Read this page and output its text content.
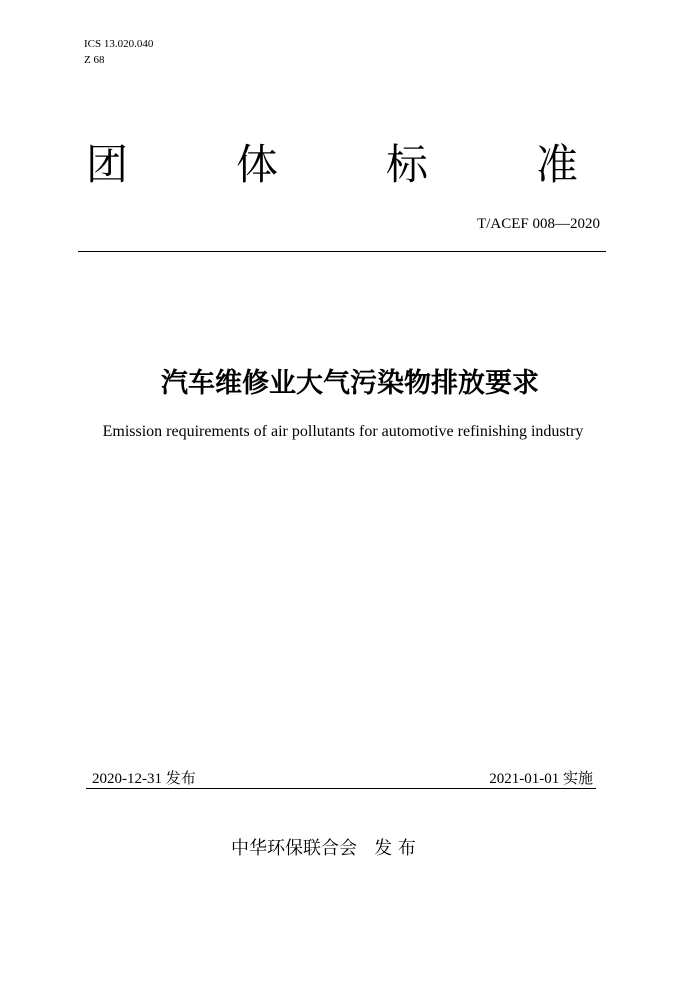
ICS 13.020.040
Z 68
团	体	标	准
T/ACEF 008—2020
汽车维修业大气污染物排放要求
Emission requirements of air pollutants for automotive refinishing industry
2020-12-31 发布	2021-01-01 实施
中华环保联合会 发 布
